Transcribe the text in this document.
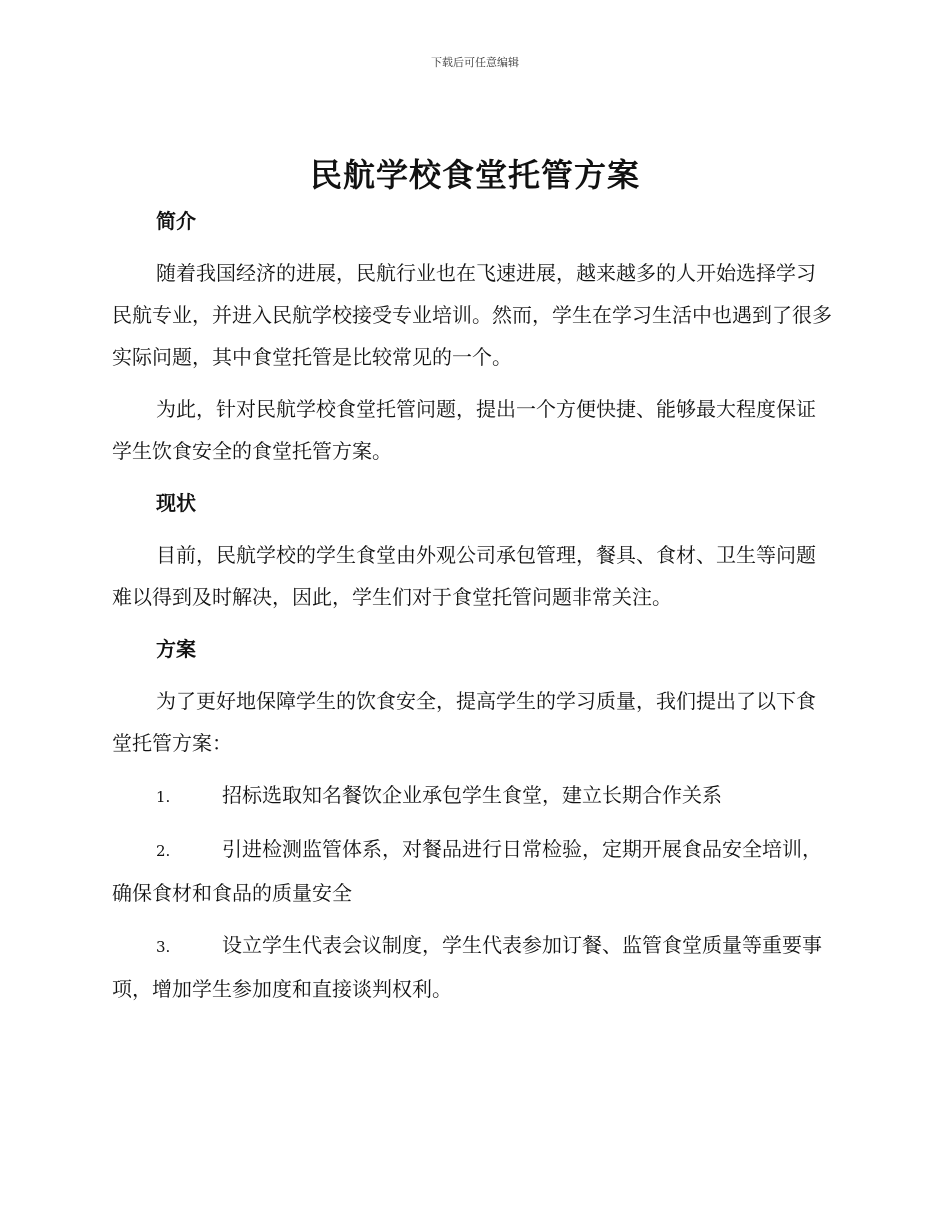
下载后可任意编辑
民航学校食堂托管方案
简介

随着我国经济的进展，民航行业也在飞速进展，越来越多的人开始选择学习民航专业，并进入民航学校接受专业培训。然而，学生在学习生活中也遇到了很多实际问题，其中食堂托管是比较常见的一个。

为此，针对民航学校食堂托管问题，提出一个方便快捷、能够最大程度保证学生饮食安全的食堂托管方案。

现状

目前，民航学校的学生食堂由外观公司承包管理，餐具、食材、卫生等问题难以得到及时解决，因此，学生们对于食堂托管问题非常关注。

方案

为了更好地保障学生的饮食安全，提高学生的学习质量，我们提出了以下食堂托管方案：

1.	招标选取知名餐饮企业承包学生食堂，建立长期合作关系

2.	引进检测监管体系，对餐品进行日常检验，定期开展食品安全培训，确保食材和食品的质量安全

3.	设立学生代表会议制度，学生代表参加订餐、监管食堂质量等重要事项，增加学生参加度和直接谈判权利。
